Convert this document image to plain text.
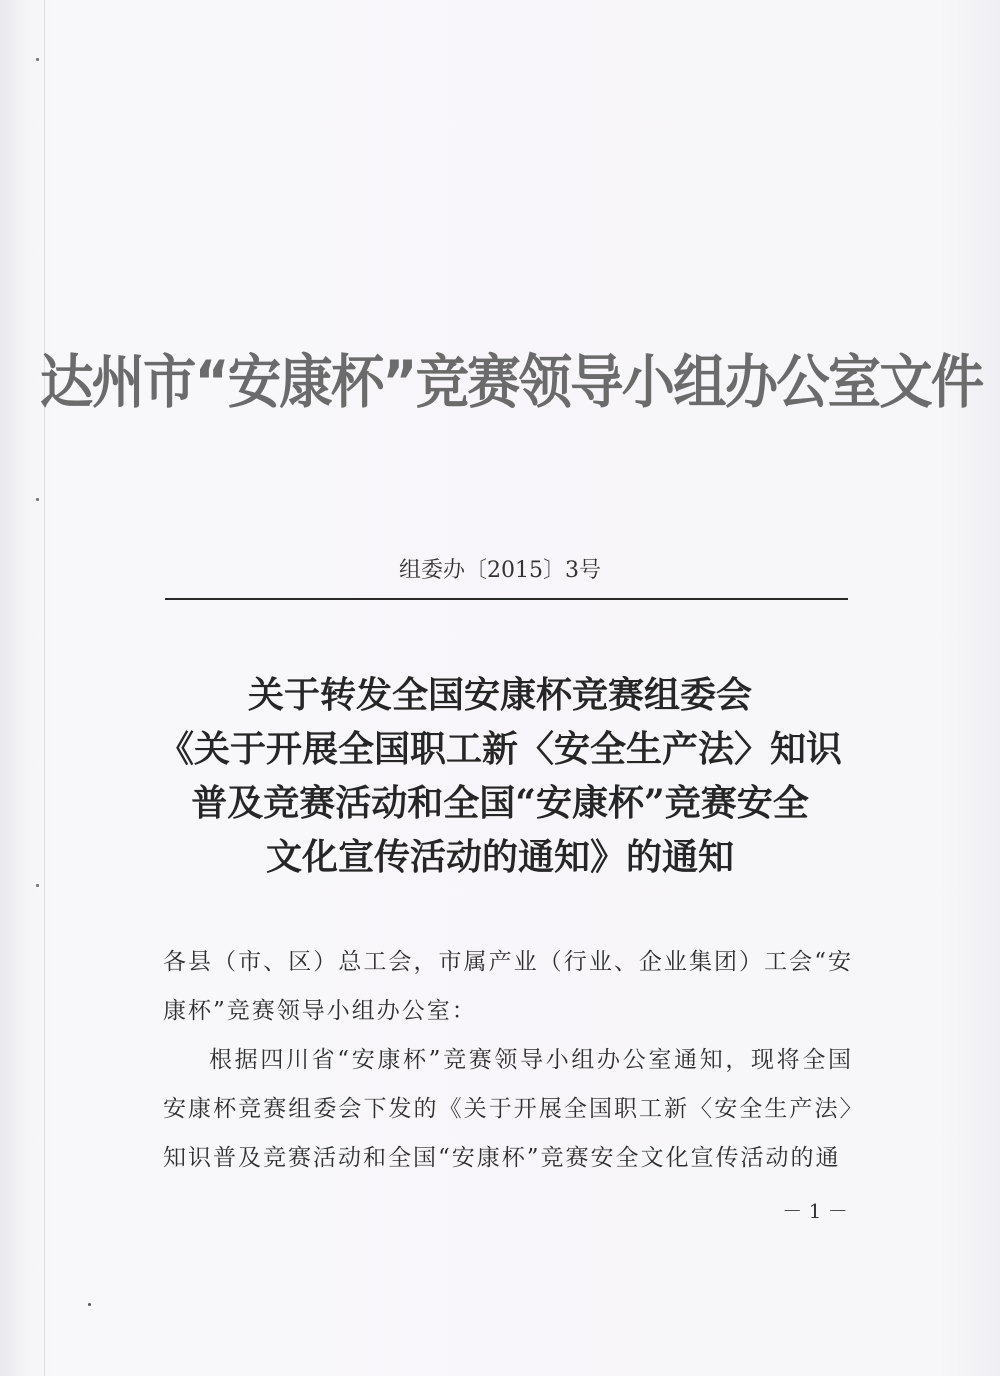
达州市“安康杯”竞赛领导小组办公室文件
组委办〔2015〕3号
关于转发全国安康杯竞赛组委会
《关于开展全国职工新〈安全生产法〉知识
普及竞赛活动和全国“安康杯”竞赛安全
文化宣传活动的通知》的通知

各县（市、区）总工会，市属产业（行业、企业集团）工会“安康杯”竞赛领导小组办公室：

根据四川省“安康杯”竞赛领导小组办公室通知，现将全国安康杯竞赛组委会下发的《关于开展全国职工新〈安全生产法〉知识普及竞赛活动和全国“安康杯”竞赛安全文化宣传活动的通

－ 1 －
